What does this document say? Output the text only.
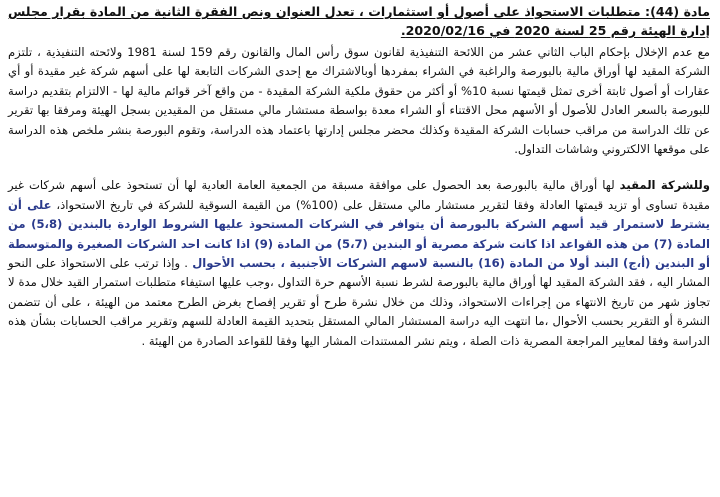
مادة (44): متطلبات الاستحواذ على أصول أو استثمارات ، تعدل العنوان ونص الفقرة الثانية من المادة بقرار مجلس إدارة الهيئة رقم 25 لسنة 2020 في 2020/02/16.

مع عدم الإخلال بإحكام الباب الثاني عشر من اللائحة التنفيذية لقانون سوق رأس المال والقانون رقم 159 لسنة 1981 ولائحته التنفيذية ، تلتزم الشركة المقيد لها أوراق مالية بالبورصة والراغبة في الشراء بمفردها أوبالاشتراك مع إحدى الشركات التابعة لها على أسهم شركة غير مقيدة أو أي عقارات أو أصول ثابتة أخرى تمثل قيمتها نسبة 10% أو أكثر من حقوق ملكية الشركة المقيدة - من واقع آخر قوائم مالية لها - الالتزام بتقديم دراسة للبورصة بالسعر العادل للأصول أو الأسهم محل الاقتناء أو الشراء معدة بواسطة مستشار مالي مستقل من المقيدين بسجل الهيئة ومرفقا بها تقرير عن تلك الدراسة من مراقب حسابات الشركة المقيدة وكذلك محضر مجلس إدارتها باعتماد هذه الدراسة، وتقوم البورصة بنشر ملخص هذه الدراسة على موقعها الالكتروني وشاشات التداول.

وللشركة المقيد لها أوراق مالية بالبورصة بعد الحصول على موافقة مسبقة من الجمعية العامة العادية لها أن تستحوذ على أسهم شركات غير مقيدة تساوى أو تزيد قيمتها العادلة وفقا لتقرير مستشار مالي مستقل على (100%) من القيمة السوقية للشركة في تاريخ الاستحواذ، على أن يشترط لاستمرار قيد أسهم الشركة بالبورصة أن يتوافر في الشركات المستحوذ عليها الشروط الواردة بالبندين (5،8) من المادة (7) من هذه القواعد اذا كانت شركة مصرية أو البندين (5،7) من المادة (9) اذا كانت احد الشركات الصغيرة والمتوسطة أو البندين (أ،ج) البند أولا من المادة (16) بالنسبة لاسهم الشركات الأجنبية ، بحسب الأحوال . وإذا ترتب على الاستحواذ على النحو المشار اليه ، فقد الشركة المقيد لها أوراق مالية بالبورصة لشرط نسبة الأسهم حرة التداول ،وجب عليها استيفاء متطلبات استمرار القيد خلال مدة لا تجاوز شهر من تاريخ الانتهاء من إجراءات الاستحواذ، وذلك من خلال نشرة طرح أو تقرير إفصاح بغرض الطرح معتمد من الهيئة ، على أن تتضمن النشرة أو التقرير بحسب الأحوال ،ما انتهت اليه دراسة المستشار المالي المستقل بتحديد القيمة العادلة للسهم وتقرير مراقب الحسابات بشأن هذه الدراسة وفقا لمعايير المراجعة المصرية ذات الصلة ، ويتم نشر المستندات المشار اليها وفقا للقواعد الصادرة من الهيئة .
